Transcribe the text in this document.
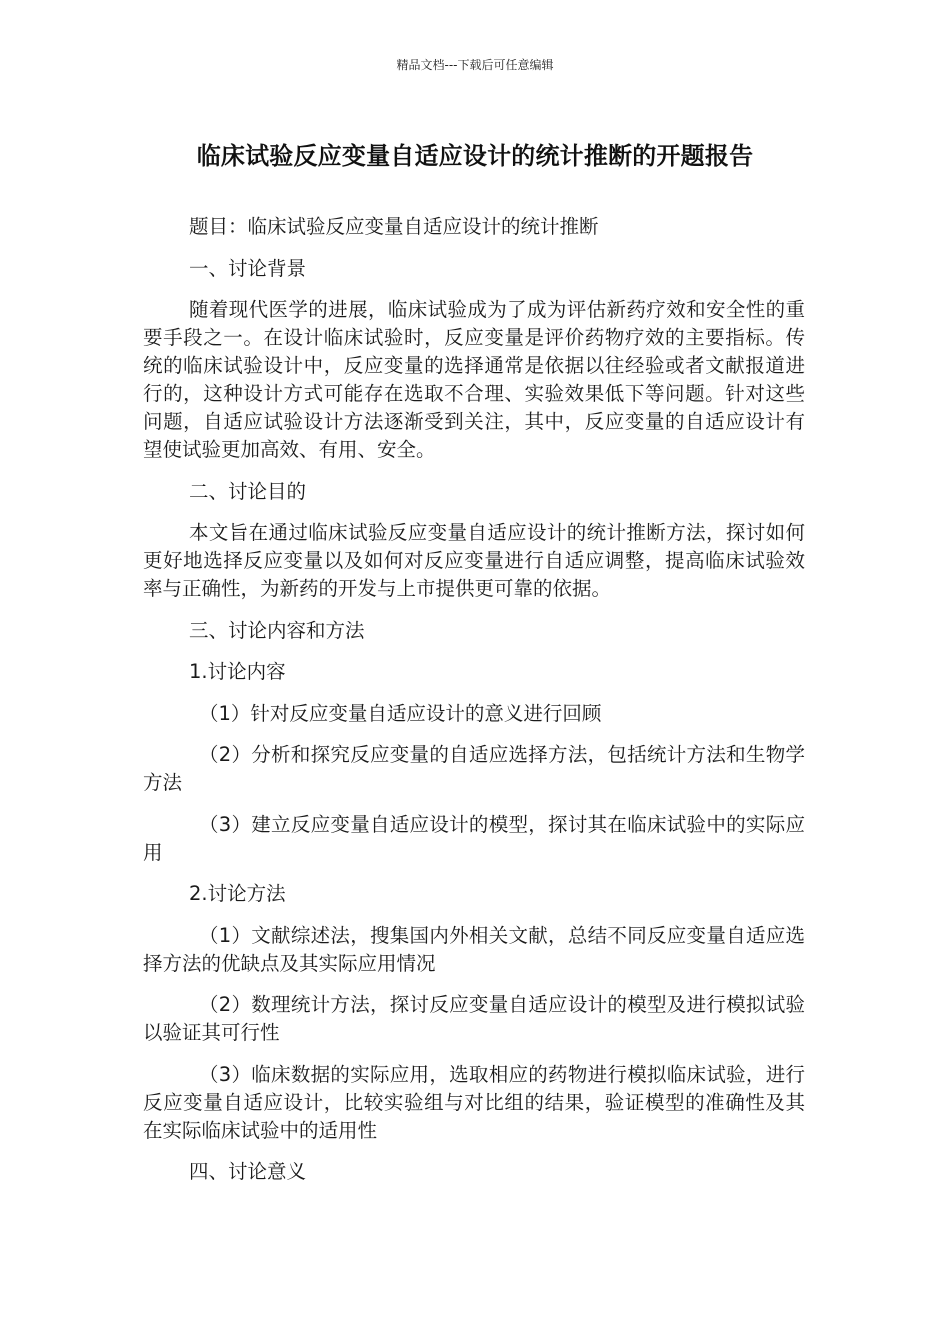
精品文档---下载后可任意编辑
临床试验反应变量自适应设计的统计推断的开题报告

题目：临床试验反应变量自适应设计的统计推断

一、讨论背景

随着现代医学的进展，临床试验成为了成为评估新药疗效和安全性的重要手段之一。在设计临床试验时，反应变量是评价药物疗效的主要指标。传统的临床试验设计中，反应变量的选择通常是依据以往经验或者文献报道进行的，这种设计方式可能存在选取不合理、实验效果低下等问题。针对这些问题，自适应试验设计方法逐渐受到关注，其中，反应变量的自适应设计有望使试验更加高效、有用、安全。

二、讨论目的

本文旨在通过临床试验反应变量自适应设计的统计推断方法，探讨如何更好地选择反应变量以及如何对反应变量进行自适应调整，提高临床试验效率与正确性，为新药的开发与上市提供更可靠的依据。

三、讨论内容和方法

1.讨论内容

（1）针对反应变量自适应设计的意义进行回顾

（2）分析和探究反应变量的自适应选择方法，包括统计方法和生物学方法

（3）建立反应变量自适应设计的模型，探讨其在临床试验中的实际应用

2.讨论方法

（1）文献综述法，搜集国内外相关文献，总结不同反应变量自适应选择方法的优缺点及其实际应用情况

（2）数理统计方法，探讨反应变量自适应设计的模型及进行模拟试验以验证其可行性

（3）临床数据的实际应用，选取相应的药物进行模拟临床试验，进行反应变量自适应设计，比较实验组与对比组的结果，验证模型的准确性及其在实际临床试验中的适用性

四、讨论意义
